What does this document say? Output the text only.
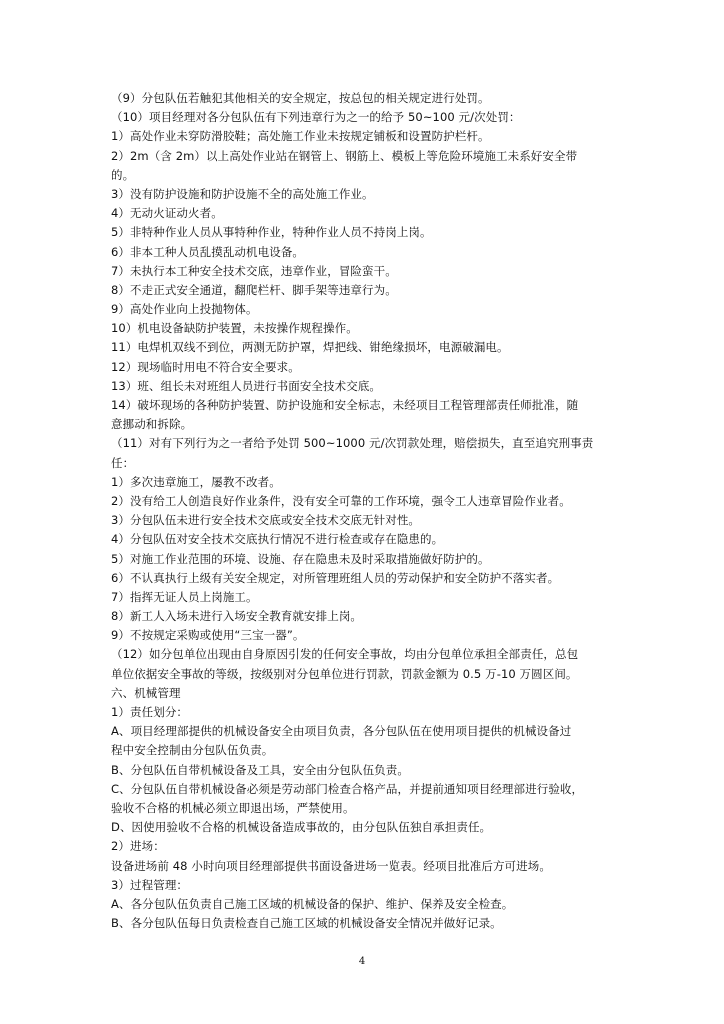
（9）分包队伍若触犯其他相关的安全规定，按总包的相关规定进行处罚。
（10）项目经理对各分包队伍有下列违章行为之一的给予 50~100 元/次处罚：
1）高处作业未穿防滑胶鞋；高处施工作业未按规定铺板和设置防护栏杆。
2）2m（含 2m）以上高处作业站在钢管上、钢筋上、模板上等危险环境施工未系好安全带
的。
3）没有防护设施和防护设施不全的高处施工作业。
4）无动火证动火者。
5）非特种作业人员从事特种作业，特种作业人员不持岗上岗。
6）非本工种人员乱摸乱动机电设备。
7）未执行本工种安全技术交底，违章作业，冒险蛮干。
8）不走正式安全通道，翻爬栏杆、脚手架等违章行为。
9）高处作业向上投抛物体。
10）机电设备缺防护装置，未按操作规程操作。
11）电焊机双线不到位，两测无防护罩，焊把线、钳绝缘损坏，电源破漏电。
12）现场临时用电不符合安全要求。
13）班、组长未对班组人员进行书面安全技术交底。
14）破坏现场的各种防护装置、防护设施和安全标志，未经项目工程管理部责任师批准，随
意挪动和拆除。
（11）对有下列行为之一者给予处罚 500~1000 元/次罚款处理，赔偿损失，直至追究刑事责
任：
1）多次违章施工，屡教不改者。
2）没有给工人创造良好作业条件，没有安全可靠的工作环境，强令工人违章冒险作业者。
3）分包队伍未进行安全技术交底或安全技术交底无针对性。
4）分包队伍对安全技术交底执行情况不进行检查或存在隐患的。
5）对施工作业范围的环境、设施、存在隐患未及时采取措施做好防护的。
6）不认真执行上级有关安全规定，对所管理班组人员的劳动保护和安全防护不落实者。
7）指挥无证人员上岗施工。
8）新工人入场未进行入场安全教育就安排上岗。
9）不按规定采购或使用“三宝一器”。
（12）如分包单位出现由自身原因引发的任何安全事故，均由分包单位承担全部责任，总包
单位依据安全事故的等级，按级别对分包单位进行罚款，罚款金额为 0.5 万-10 万圆区间。
六、机械管理
1）责任划分：
A、项目经理部提供的机械设备安全由项目负责，各分包队伍在使用项目提供的机械设备过
程中安全控制由分包队伍负责。
B、分包队伍自带机械设备及工具，安全由分包队伍负责。
C、分包队伍自带机械设备必须是劳动部门检查合格产品，并提前通知项目经理部进行验收，
验收不合格的机械必须立即退出场，严禁使用。
D、因使用验收不合格的机械设备造成事故的，由分包队伍独自承担责任。
2）进场：
设备进场前 48 小时向项目经理部提供书面设备进场一览表。经项目批准后方可进场。
3）过程管理：
A、各分包队伍负责自己施工区域的机械设备的保护、维护、保养及安全检查。
B、各分包队伍每日负责检查自己施工区域的机械设备安全情况并做好记录。
4
